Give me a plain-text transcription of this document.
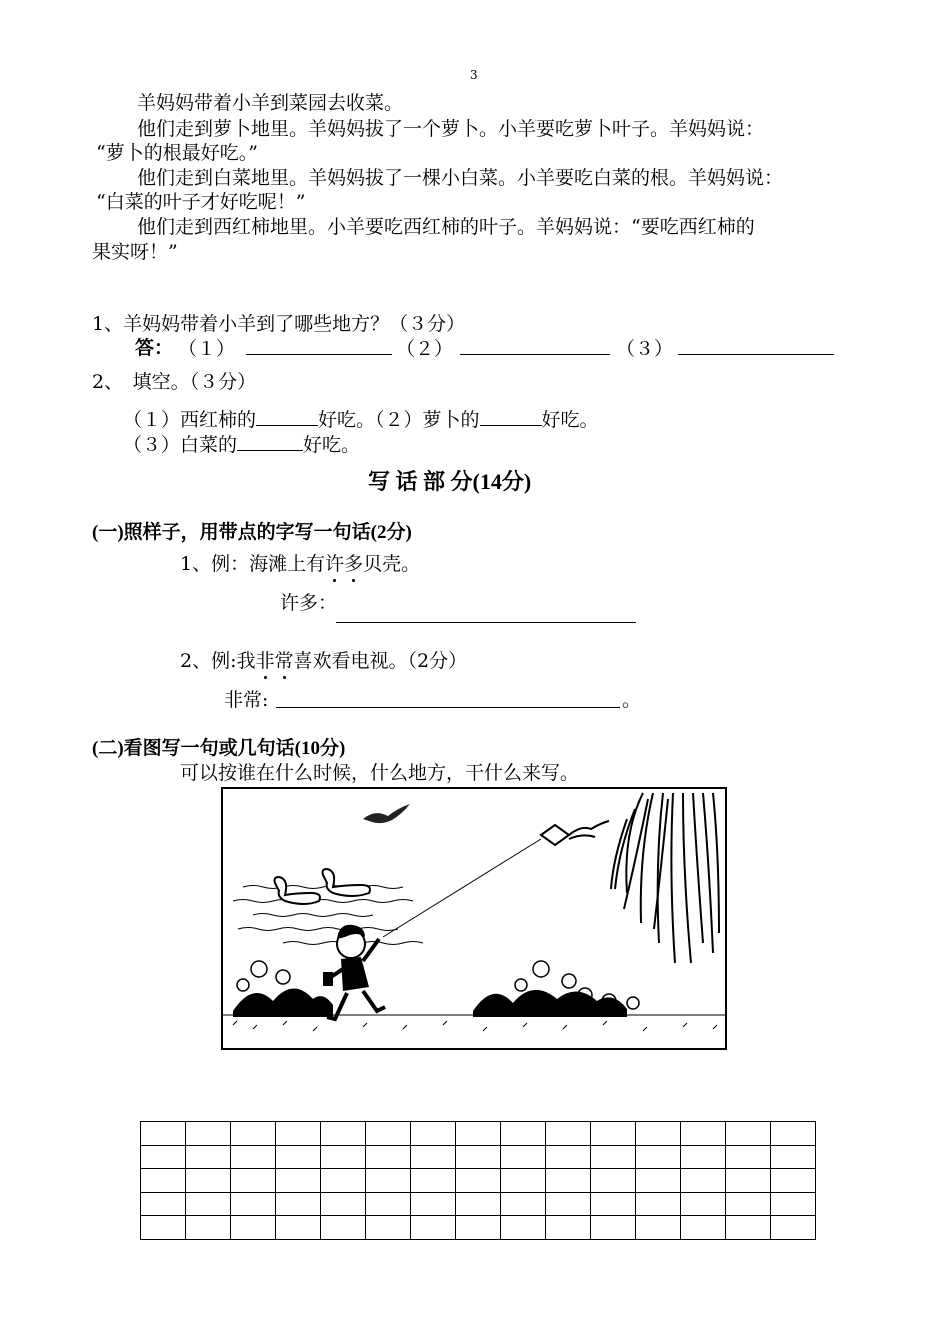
3
羊妈妈带着小羊到菜园去收菜。
他们走到萝卜地里。羊妈妈拔了一个萝卜。小羊要吃萝卜叶子。羊妈妈说：
“萝卜的根最好吃。”
他们走到白菜地里。羊妈妈拔了一棵小白菜。小羊要吃白菜的根。羊妈妈说：
“白菜的叶子才好吃呢！”
他们走到西红柿地里。小羊要吃西红柿的叶子。羊妈妈说：“要吃西红柿的
果实呀！”
1、羊妈妈带着小羊到了哪些地方？（３分）
答： （１）	（２）	（３）
2、　填空。（３分）
（１）西红柿的	好吃。（２）萝卜的	好吃。
（３）白菜的	好吃。
写 话 部 分(14分)
(一)照样子，用带点的字写一句话(2分)
1、例：海滩上有许多贝壳。
许多：
2、例:我非常喜欢看电视。（2分）
非常:	。
(二)看图写一句或几句话(10分)
可以按谁在什么时候，什么地方，干什么来写。
